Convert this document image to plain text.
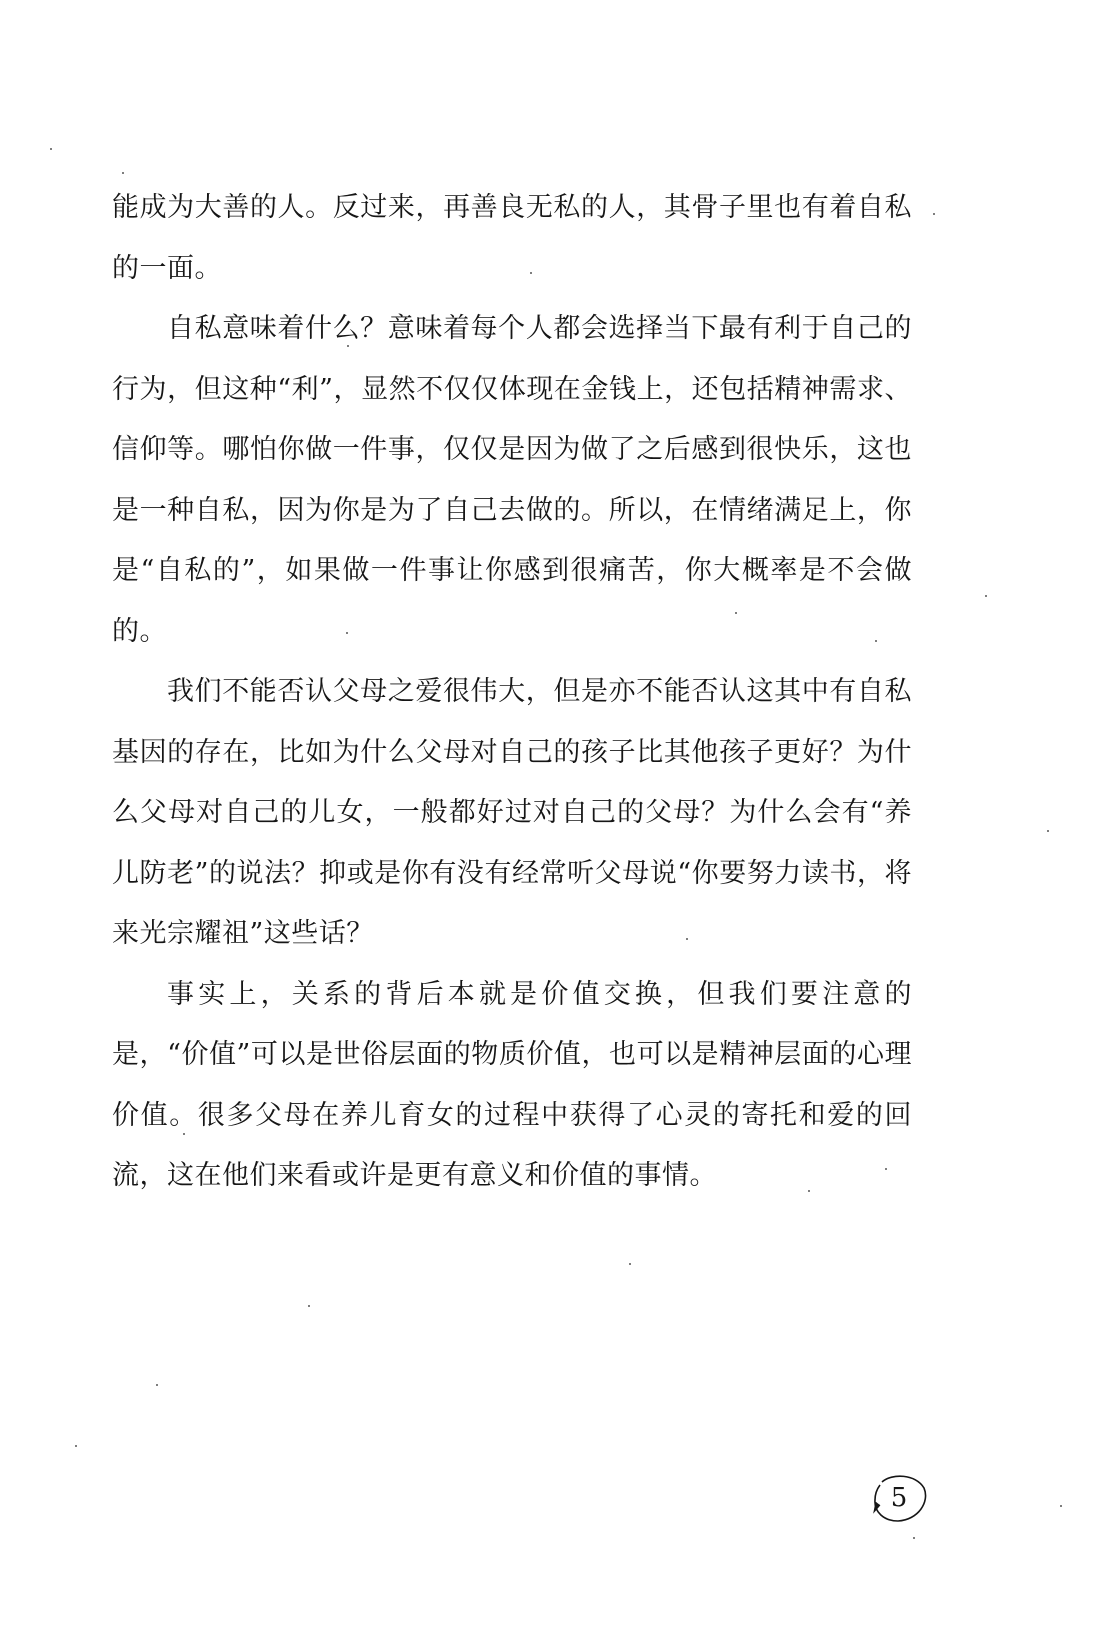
能成为大善的人。反过来，再善良无私的人，其骨子里也有着自私的一面。

自私意味着什么？意味着每个人都会选择当下最有利于自己的行为，但这种“利”，显然不仅仅体现在金钱上，还包括精神需求、信仰等。哪怕你做一件事，仅仅是因为做了之后感到很快乐，这也是一种自私，因为你是为了自己去做的。所以，在情绪满足上，你是“自私的”，如果做一件事让你感到很痛苦，你大概率是不会做的。

我们不能否认父母之爱很伟大，但是亦不能否认这其中有自私基因的存在，比如为什么父母对自己的孩子比其他孩子更好？为什么父母对自己的儿女，一般都好过对自己的父母？为什么会有“养儿防老”的说法？抑或是你有没有经常听父母说“你要努力读书，将来光宗耀祖”这些话？

事实上，关系的背后本就是价值交换，但我们要注意的是，“价值”可以是世俗层面的物质价值，也可以是精神层面的心理价值。很多父母在养儿育女的过程中获得了心灵的寄托和爱的回流，这在他们来看或许是更有意义和价值的事情。

5
